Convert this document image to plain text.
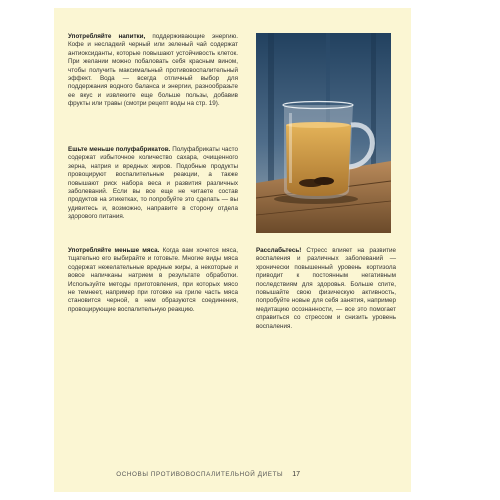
Употребляйте напитки, поддерживающие энергию. Кофе и несладкий черный или зеленый чай содержат антиоксиданты, которые повышают устойчивость клеток. При желании можно побаловать себя красным вином, чтобы получить максимальный противовоспалительный эффект. Вода — всегда отличный выбор для поддержания водного баланса и энергии, разнообразьте ее вкус и извлеките еще больше пользы, добавив фрукты или травы (смотри рецепт воды на стр. 19).

Ешьте меньше полуфабрикатов. Полуфабрикаты часто содержат избыточное количество сахара, очищенного зерна, натрия и вредных жиров. Подобные продукты провоцируют воспалительные реакции, а также повышают риск набора веса и развития различных заболеваний. Если вы все еще не читаете состав продуктов на этикетках, то попробуйте это сделать — вы удивитесь и, возможно, направите в сторону отдела здорового питания.

Употребляйте меньше мяса. Когда вам хочется мяса, тщательно его выбирайте и готовьте. Многие виды мяса содержат нежелательные вредные жиры, а некоторые и вовсе напичканы натрием в результате обработки. Используйте методы приготовления, при которых мясо не темнеет, например при готовке на гриле часть мяса становится черной, в нем образуются соединения, провоцирующие воспалительную реакцию.

Расслабьтесь! Стресс влияет на развитие воспаления и различных заболеваний — хронически повышенный уровень кортизола приводит к постоянным негативным последствиям для здоровья. Больше спите, повышайте свою физическую активность, попробуйте новые для себя занятия, например медитацию осознанности, — все это помогает справиться со стрессом и снизить уровень воспаления.

ОСНОВЫ ПРОТИВОВОСПАЛИТЕЛЬНОЙ ДИЕТЫ 17
